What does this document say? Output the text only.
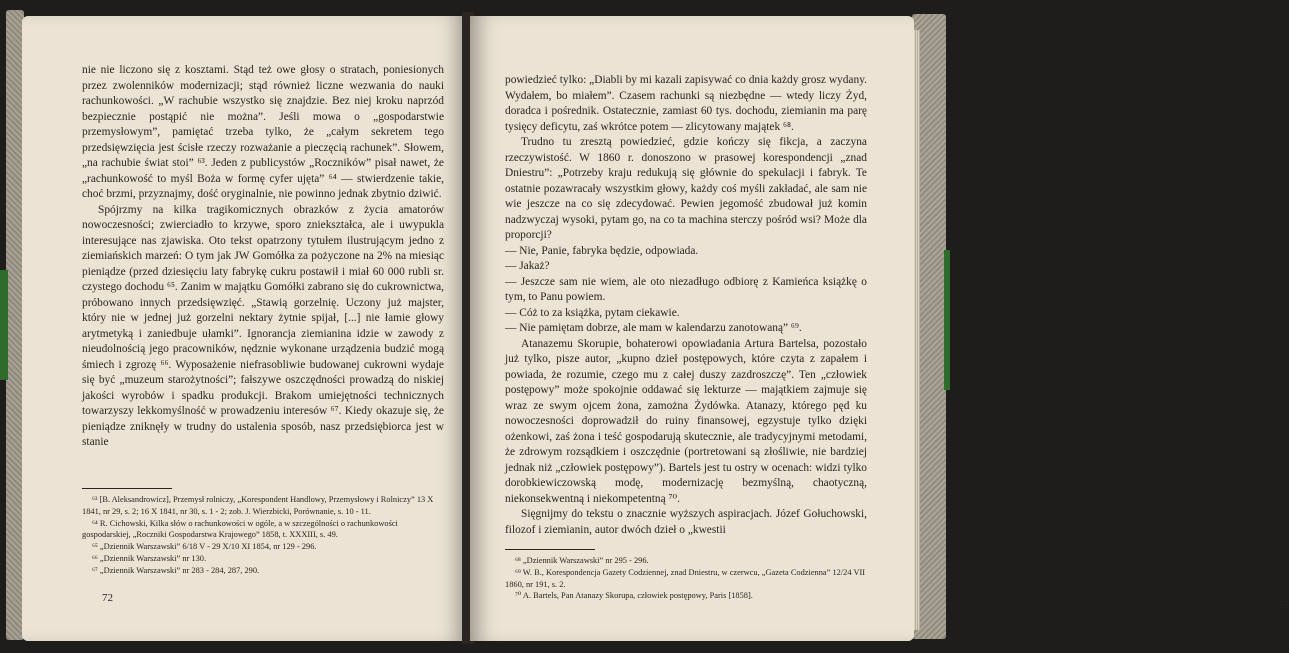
nie nie liczono się z kosztami. Stąd też owe głosy o stratach, poniesionych przez zwolenników modernizacji; stąd również liczne wezwania do nauki rachunkowości. „W rachubie wszystko się znajdzie. Bez niej kroku naprzód bezpiecznie postąpić nie można”. Jeśli mowa o „gospodarstwie przemysłowym”, pamiętać trzeba tylko, że „całym sekretem tego przedsięwzięcia jest ścisłe rzeczy rozważanie a pieczęcią rachunek”. Słowem, „na rachubie świat stoi” ⁶³. Jeden z publicystów „Roczników” pisał nawet, że „rachunkowość to myśl Boża w formę cyfer ujęta” ⁶⁴ — stwierdzenie takie, choć brzmi, przyznajmy, dość oryginalnie, nie powinno jednak zbytnio dziwić.

Spójrzmy na kilka tragikomicznych obrazków z życia amatorów nowoczesności; zwierciadło to krzywe, sporo zniekształca, ale i uwypukla interesujące nas zjawiska. Oto tekst opatrzony tytułem ilustrującym jedno z ziemiańskich marzeń: O tym jak JW Gomółka za pożyczone na 2% na miesiąc pieniądze (przed dziesięciu laty fabrykę cukru postawił i miał 60 000 rubli sr. czystego dochodu ⁶⁵. Zanim w majątku Gomółki zabrano się do cukrownictwa, próbowano innych przedsięwzięć. „Stawią gorzelnię. Uczony już majster, który nie w jednej już gorzelni nektary żytnie spijał, [...] nie łamie głowy arytmetyką i zaniedbuje ułamki”. Ignorancja ziemianina idzie w zawody z nieudolnością jego pracowników, nędznie wykonane urządzenia budzić mogą śmiech i zgrozę ⁶⁶. Wyposażenie niefrasobliwie budowanej cukrowni wydaje się być „muzeum starożytności”; fałszywe oszczędności prowadzą do niskiej jakości wyrobów i spadku produkcji. Brakom umiejętności technicznych towarzyszy lekkomyślność w prowadzeniu interesów ⁶⁷. Kiedy okazuje się, że pieniądze zniknęły w trudny do ustalenia sposób, nasz przedsiębiorca jest w stanie

⁶³ [B. Aleksandrowicz], Przemysł rolniczy, „Korespondent Handlowy, Przemysłowy i Rolniczy” 13 X 1841, nr 29, s. 2; 16 X 1841, nr 30, s. 1 - 2; zob. J. Wierzbicki, Porównanie, s. 10 - 11.

⁶⁴ R. Cichowski, Kilka słów o rachunkowości w ogóle, a w szczególności o rachunkowości gospodarskiej, „Roczniki Gospodarstwa Krajowego” 1858, t. XXXIII, s. 49.

⁶⁵ „Dziennik Warszawski” 6/18 V - 29 X/10 XI 1854, nr 129 - 296.

⁶⁶ „Dziennik Warszawski” nr 130.

⁶⁷ „Dziennik Warszawski” nr 283 - 284, 287, 290.

72

powiedzieć tylko: „Diabli by mi kazali zapisywać co dnia każdy grosz wydany. Wydałem, bo miałem”. Czasem rachunki są niezbędne — wtedy liczy Żyd, doradca i pośrednik. Ostatecznie, zamiast 60 tys. dochodu, ziemianin ma parę tysięcy deficytu, zaś wkrótce potem — zlicytowany majątek ⁶⁸.

Trudno tu zresztą powiedzieć, gdzie kończy się fikcja, a zaczyna rzeczywistość. W 1860 r. donoszono w prasowej korespondencji „znad Dniestru”: „Potrzeby kraju redukują się głównie do spekulacji i fabryk. Te ostatnie pozawracały wszystkim głowy, każdy coś myśli zakładać, ale sam nie wie jeszcze na co się zdecydować. Pewien jegomość zbudował już komin nadzwyczaj wysoki, pytam go, na co ta machina sterczy pośród wsi? Może dla proporcji?

— Nie, Panie, fabryka będzie, odpowiada.

— Jakaż?

— Jeszcze sam nie wiem, ale oto niezadługo odbiorę z Kamieńca książkę o tym, to Panu powiem.

— Cóż to za książka, pytam ciekawie.

— Nie pamiętam dobrze, ale mam w kalendarzu zanotowaną” ⁶⁹.

Atanazemu Skorupie, bohaterowi opowiadania Artura Bartelsa, pozostało już tylko, pisze autor, „kupno dzieł postępowych, które czyta z zapałem i powiada, że rozumie, czego mu z całej duszy zazdroszczę”. Ten „człowiek postępowy” może spokojnie oddawać się lekturze — majątkiem zajmuje się wraz ze swym ojcem żona, zamożna Żydówka. Atanazy, którego pęd ku nowoczesności doprowadził do ruiny finansowej, egzystuje tylko dzięki ożenkowi, zaś żona i teść gospodarują skutecznie, ale tradycyjnymi metodami, że zdrowym rozsądkiem i oszczędnie (portretowani są złośliwie, nie bardziej jednak niż „człowiek postępowy”). Bartels jest tu ostry w ocenach: widzi tylko dorobkiewiczowską modę, modernizację bezmyślną, chaotyczną, niekonsekwentną i niekompetentną ⁷⁰.

Sięgnijmy do tekstu o znacznie wyższych aspiracjach. Józef Gołuchowski, filozof i ziemianin, autor dwóch dzieł o „kwestii

⁶⁸ „Dziennik Warszawski” nr 295 - 296.

⁶⁹ W. B., Korespondencja Gazety Codziennej, znad Dniestru, w czerwcu, „Gazeta Codzienna” 12/24 VII 1860, nr 191, s. 2.

⁷⁰ A. Bartels, Pan Atanazy Skorupa, człowiek postępowy, Paris [1858].

73
